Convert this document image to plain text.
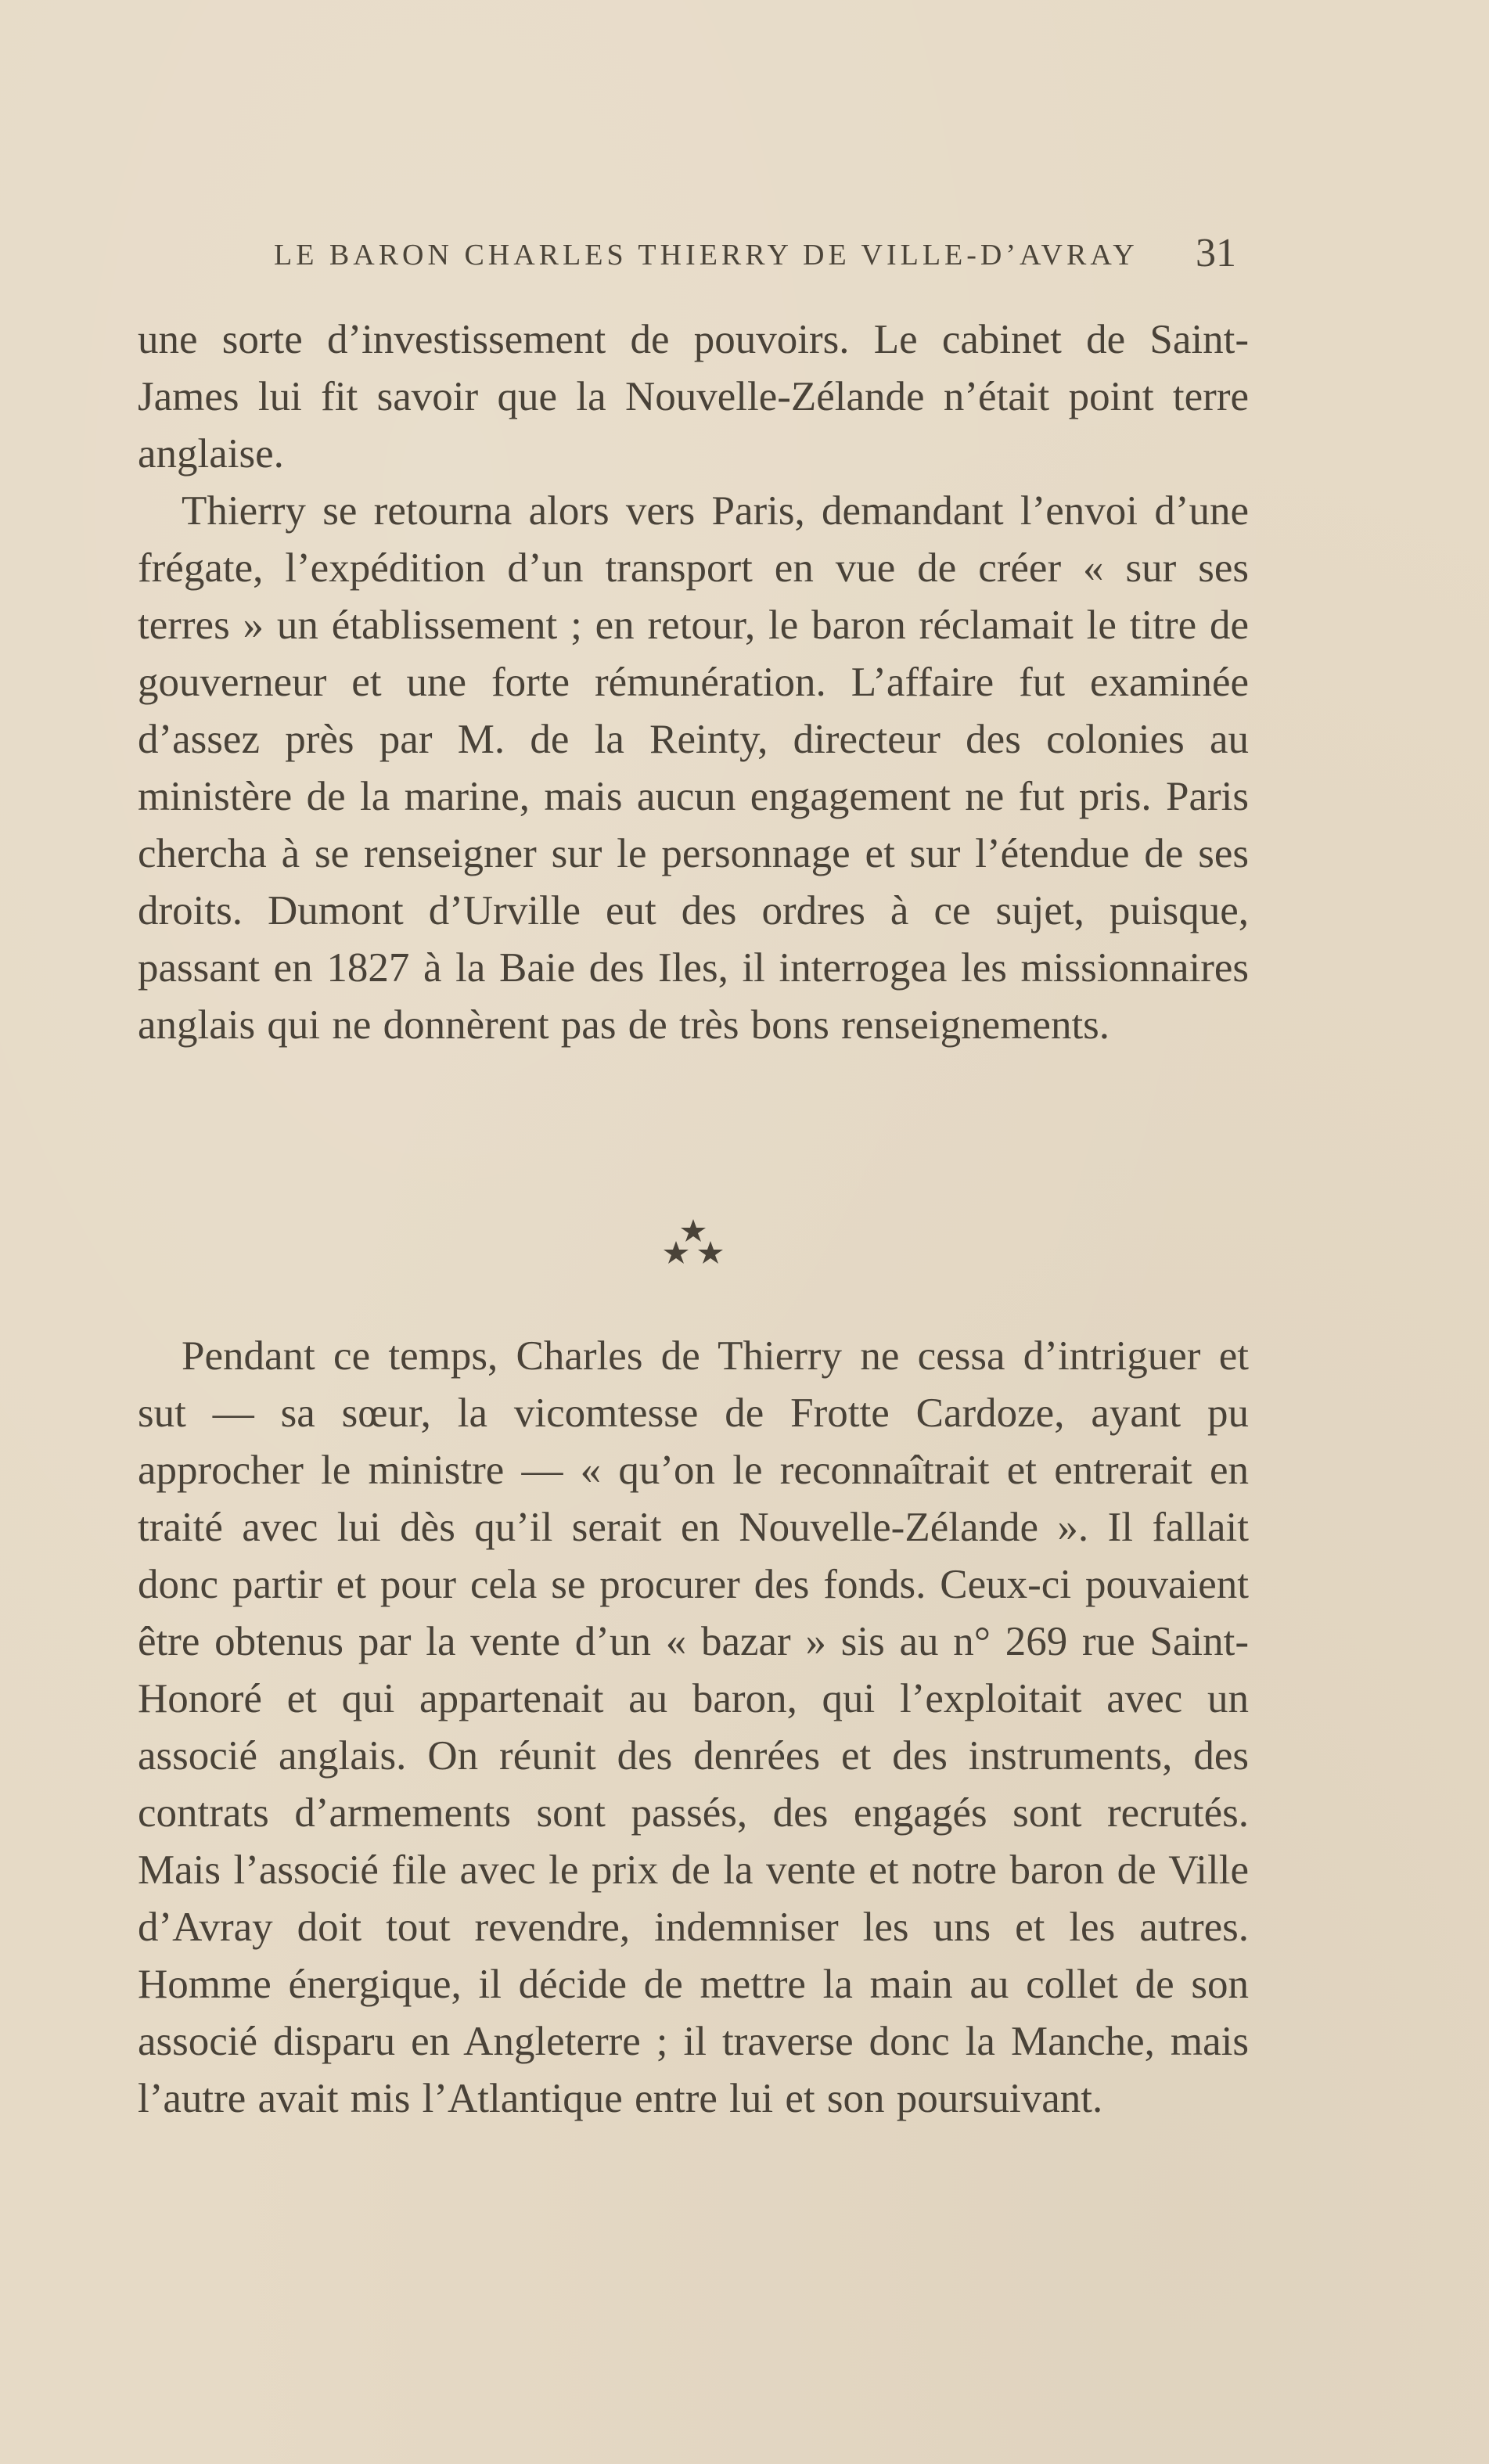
LE BARON CHARLES THIERRY DE VILLE-D’AVRAY	31

une sorte d’investissement de pouvoirs. Le cabinet de Saint-James lui fit savoir que la Nouvelle-Zélande n’était point terre anglaise.

Thierry se retourna alors vers Paris, demandant l’envoi d’une frégate, l’expédition d’un transport en vue de créer « sur ses terres » un établissement ; en retour, le baron réclamait le titre de gouverneur et une forte rémunération. L’affaire fut examinée d’assez près par M. de la Reinty, directeur des colonies au ministère de la marine, mais aucun engagement ne fut pris. Paris chercha à se renseigner sur le personnage et sur l’étendue de ses droits. Dumont d’Urville eut des ordres à ce sujet, puisque, passant en 1827 à la Baie des Iles, il interrogea les missionnaires anglais qui ne donnèrent pas de très bons renseignements.

Pendant ce temps, Charles de Thierry ne cessa d’intriguer et sut — sa sœur, la vicomtesse de Frotte Cardoze, ayant pu approcher le ministre — « qu’on le reconnaîtrait et entrerait en traité avec lui dès qu’il serait en Nouvelle-Zélande ». Il fallait donc partir et pour cela se procurer des fonds. Ceux-ci pouvaient être obtenus par la vente d’un « bazar » sis au n° 269 rue Saint-Honoré et qui appartenait au baron, qui l’exploitait avec un associé anglais. On réunit des denrées et des instruments, des contrats d’armements sont passés, des engagés sont recrutés. Mais l’associé file avec le prix de la vente et notre baron de Ville d’Avray doit tout revendre, indemniser les uns et les autres. Homme énergique, il décide de mettre la main au collet de son associé disparu en Angleterre ; il traverse donc la Manche, mais l’autre avait mis l’Atlantique entre lui et son poursuivant.
